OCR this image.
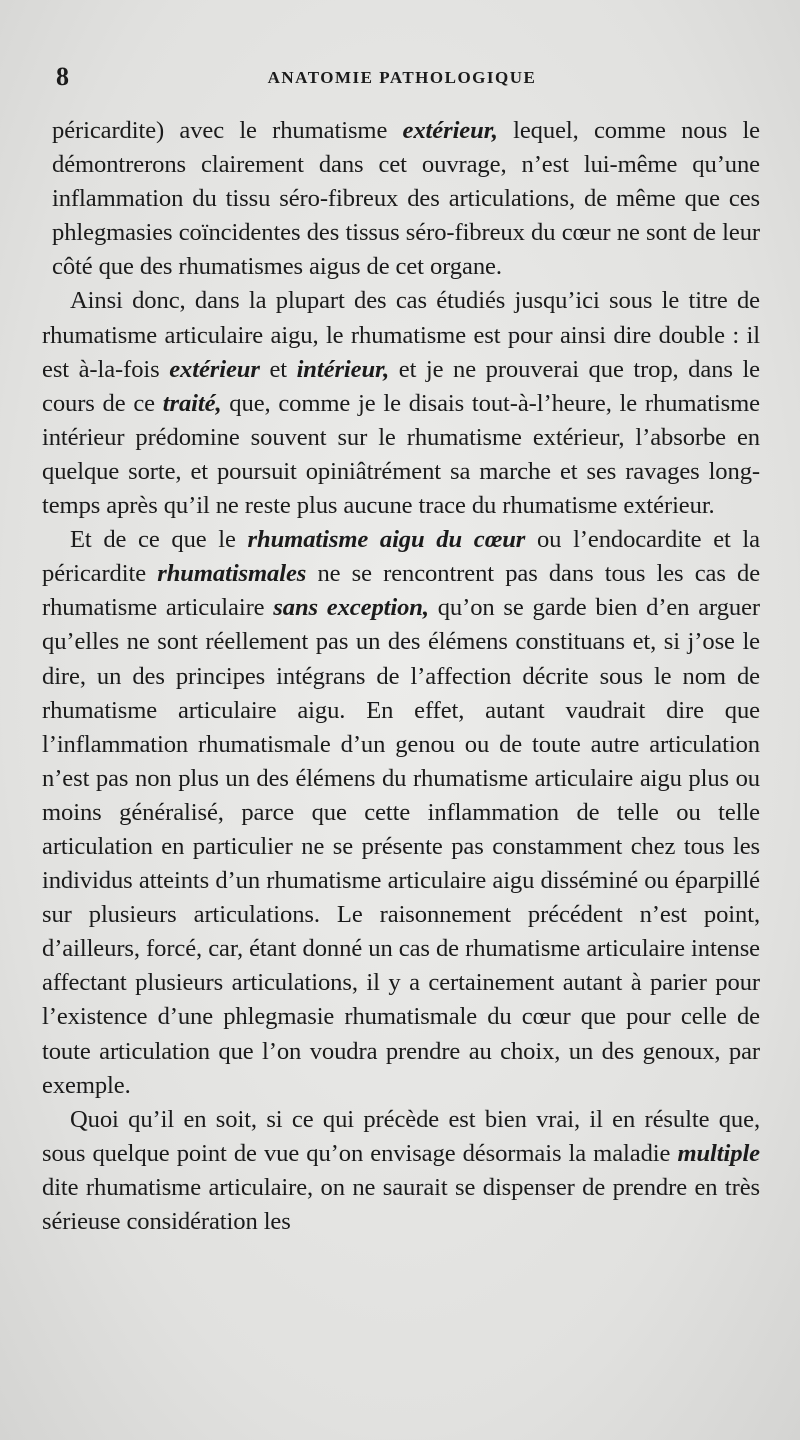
8	ANATOMIE PATHOLOGIQUE

péricardite) avec le rhumatisme extérieur, lequel, comme nous le démontrerons clairement dans cet ouvrage, n’est lui-même qu’une inflammation du tissu séro-fibreux des articulations, de même que ces phlegmasies coïncidentes des tissus séro-fibreux du cœur ne sont de leur côté que des rhumatismes aigus de cet organe.

Ainsi donc, dans la plupart des cas étudiés jusqu’ici sous le titre de rhumatisme articulaire aigu, le rhumatisme est pour ainsi dire double : il est à-la-fois extérieur et intérieur, et je ne prouverai que trop, dans le cours de ce traité, que, comme je le disais tout-à-l’heure, le rhumatisme intérieur prédomine souvent sur le rhumatisme extérieur, l’absorbe en quelque sorte, et poursuit opiniâtrément sa marche et ses ravages long-temps après qu’il ne reste plus aucune trace du rhumatisme extérieur.

Et de ce que le rhumatisme aigu du cœur ou l’endocardite et la péricardite rhumatismales ne se rencontrent pas dans tous les cas de rhumatisme articulaire sans exception, qu’on se garde bien d’en arguer qu’elles ne sont réellement pas un des élémens constituans et, si j’ose le dire, un des principes intégrans de l’affection décrite sous le nom de rhumatisme articulaire aigu. En effet, autant vaudrait dire que l’inflammation rhumatismale d’un genou ou de toute autre articulation n’est pas non plus un des élémens du rhumatisme articulaire aigu plus ou moins généralisé, parce que cette inflammation de telle ou telle articulation en particulier ne se présente pas constamment chez tous les individus atteints d’un rhumatisme articulaire aigu disséminé ou éparpillé sur plusieurs articulations. Le raisonnement précédent n’est point, d’ailleurs, forcé, car, étant donné un cas de rhumatisme articulaire intense affectant plusieurs articulations, il y a certainement autant à parier pour l’existence d’une phlegmasie rhumatismale du cœur que pour celle de toute articulation que l’on voudra prendre au choix, un des genoux, par exemple.

Quoi qu’il en soit, si ce qui précède est bien vrai, il en résulte que, sous quelque point de vue qu’on envisage désormais la maladie multiple dite rhumatisme articulaire, on ne saurait se dispenser de prendre en très sérieuse considération les
